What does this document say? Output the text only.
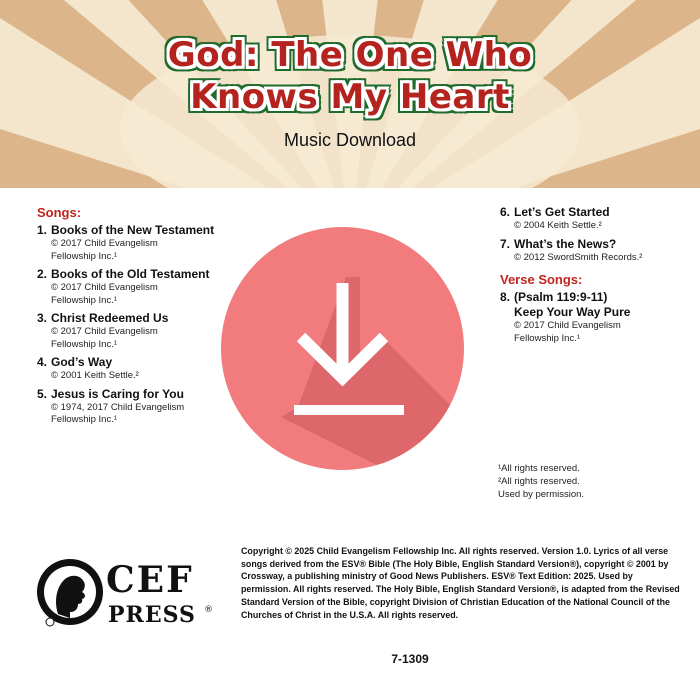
God: The One Who
Knows My Heart
Music Download
Songs:
1. Books of the New Testament
© 2017 Child Evangelism
Fellowship Inc.¹
2. Books of the Old Testament
© 2017 Child Evangelism
Fellowship Inc.¹
3. Christ Redeemed Us
© 2017 Child Evangelism
Fellowship Inc.¹
4. God’s Way
© 2001 Keith Settle.²
5. Jesus is Caring for You
© 1974, 2017 Child Evangelism
Fellowship Inc.¹
6. Let’s Get Started
© 2004 Keith Settle.²
7. What’s the News?
© 2012 SwordSmith Records.²
Verse Songs:
8. (Psalm 119:9-11)
Keep Your Way Pure
© 2017 Child Evangelism
Fellowship Inc.¹
¹All rights reserved.
²All rights reserved.
Used by permission.
CEF
PRESS ®
Copyright © 2025 Child Evangelism Fellowship Inc. All rights reserved. Version 1.0. Lyrics of all verse songs derived from the ESV® Bible (The Holy Bible, English Standard Version®), copyright © 2001 by Crossway, a publishing ministry of Good News Publishers. ESV® Text Edition: 2025. Used by permission. All rights reserved. The Holy Bible, English Standard Version®, is adapted from the Revised Standard Version of the Bible, copyright Division of Christian Education of the National Council of the Churches of Christ in the U.S.A. All rights reserved.
7-1309
